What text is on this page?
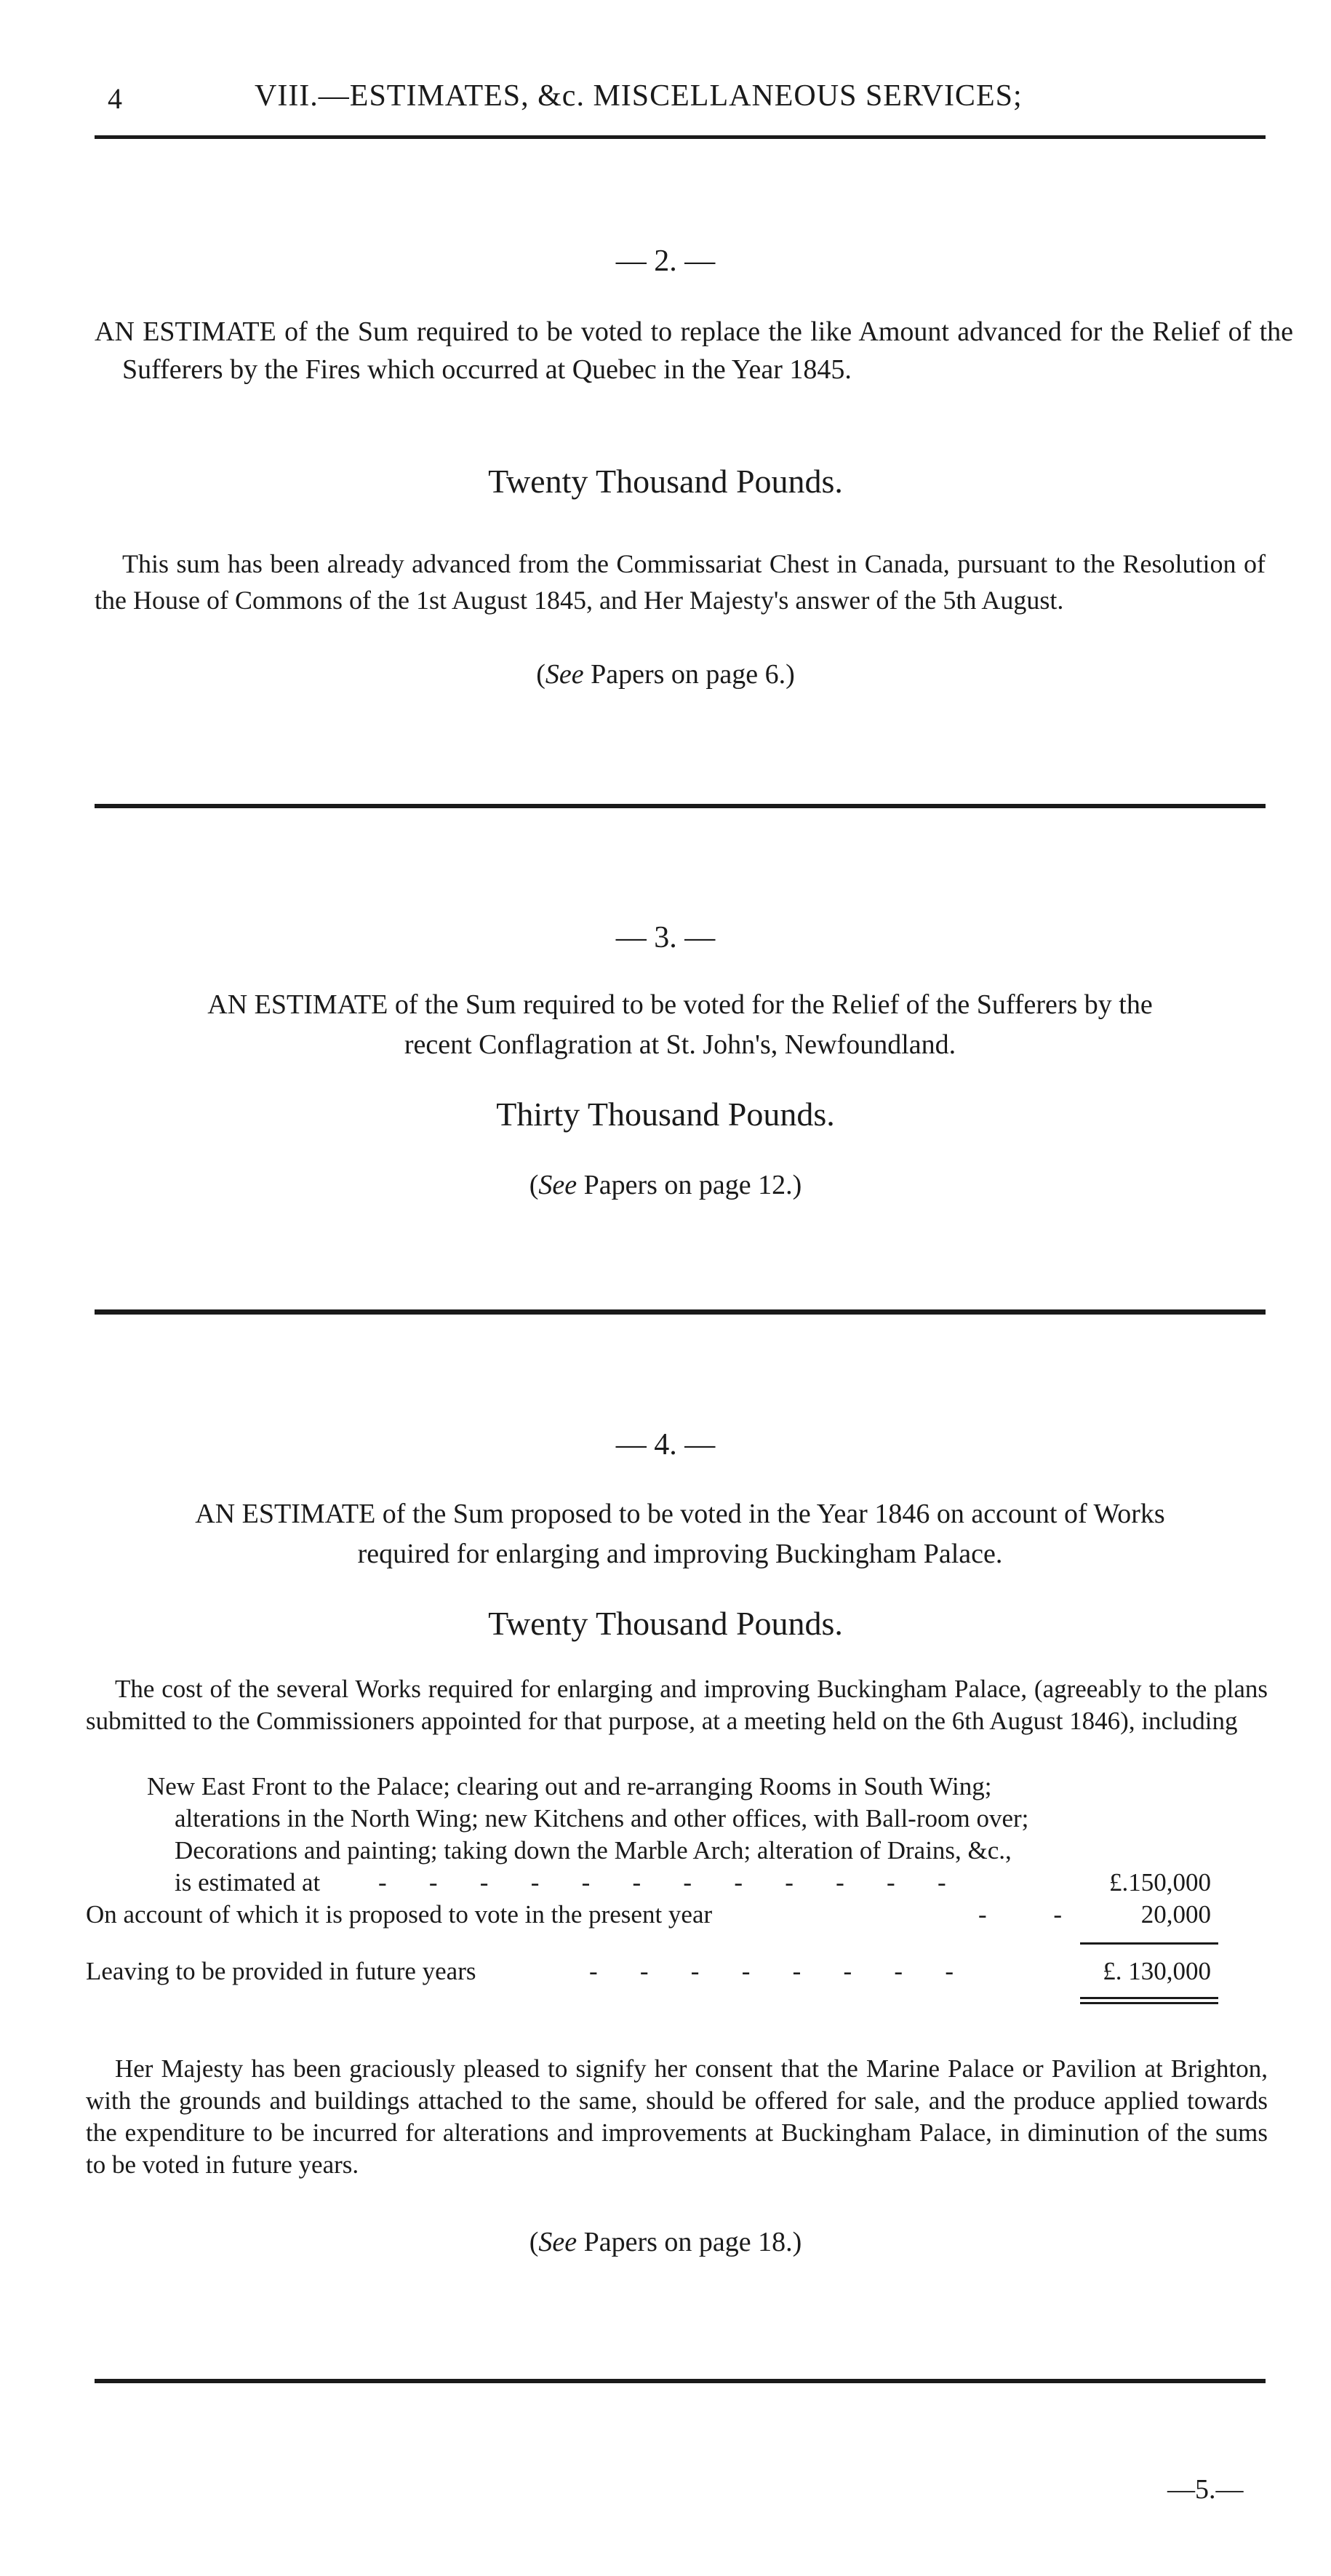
4	VIII.—ESTIMATES, &c. MISCELLANEOUS SERVICES;
— 2. —
AN ESTIMATE of the Sum required to be voted to replace the like Amount advanced for the Relief of the Sufferers by the Fires which occurred at Quebec in the Year 1845.
Twenty Thousand Pounds.
This sum has been already advanced from the Commissariat Chest in Canada, pursuant to the Resolution of the House of Commons of the 1st August 1845, and Her Majesty's answer of the 5th August.
(See Papers on page 6.)
— 3. —
AN ESTIMATE of the Sum required to be voted for the Relief of the Sufferers by the
recent Conflagration at St. John's, Newfoundland.
Thirty Thousand Pounds.
(See Papers on page 12.)
— 4. —
AN ESTIMATE of the Sum proposed to be voted in the Year 1846 on account of Works
required for enlarging and improving Buckingham Palace.
Twenty Thousand Pounds.
The cost of the several Works required for enlarging and improving Buckingham Palace, (agreeably to the plans submitted to the Commissioners appointed for that purpose, at a meeting held on the 6th August 1846), including
New East Front to the Palace; clearing out and re-arranging Rooms in South Wing;
alterations in the North Wing; new Kitchens and other offices, with Ball-room over;
Decorations and painting; taking down the Marble Arch; alteration of Drains, &c.,
is estimated at -   -   -   -   -   -   -   -   -   -   -   -	£.150,000
On account of which it is proposed to vote in the present year	-     -	20,000
Leaving to be provided in future years	-   -   -   -   -   -   -   -	£. 130,000
Her Majesty has been graciously pleased to signify her consent that the Marine Palace or Pavilion at Brighton, with the grounds and buildings attached to the same, should be offered for sale, and the produce applied towards the expenditure to be incurred for alterations and improvements at Buckingham Palace, in diminution of the sums to be voted in future years.
(See Papers on page 18.)
—5.—
